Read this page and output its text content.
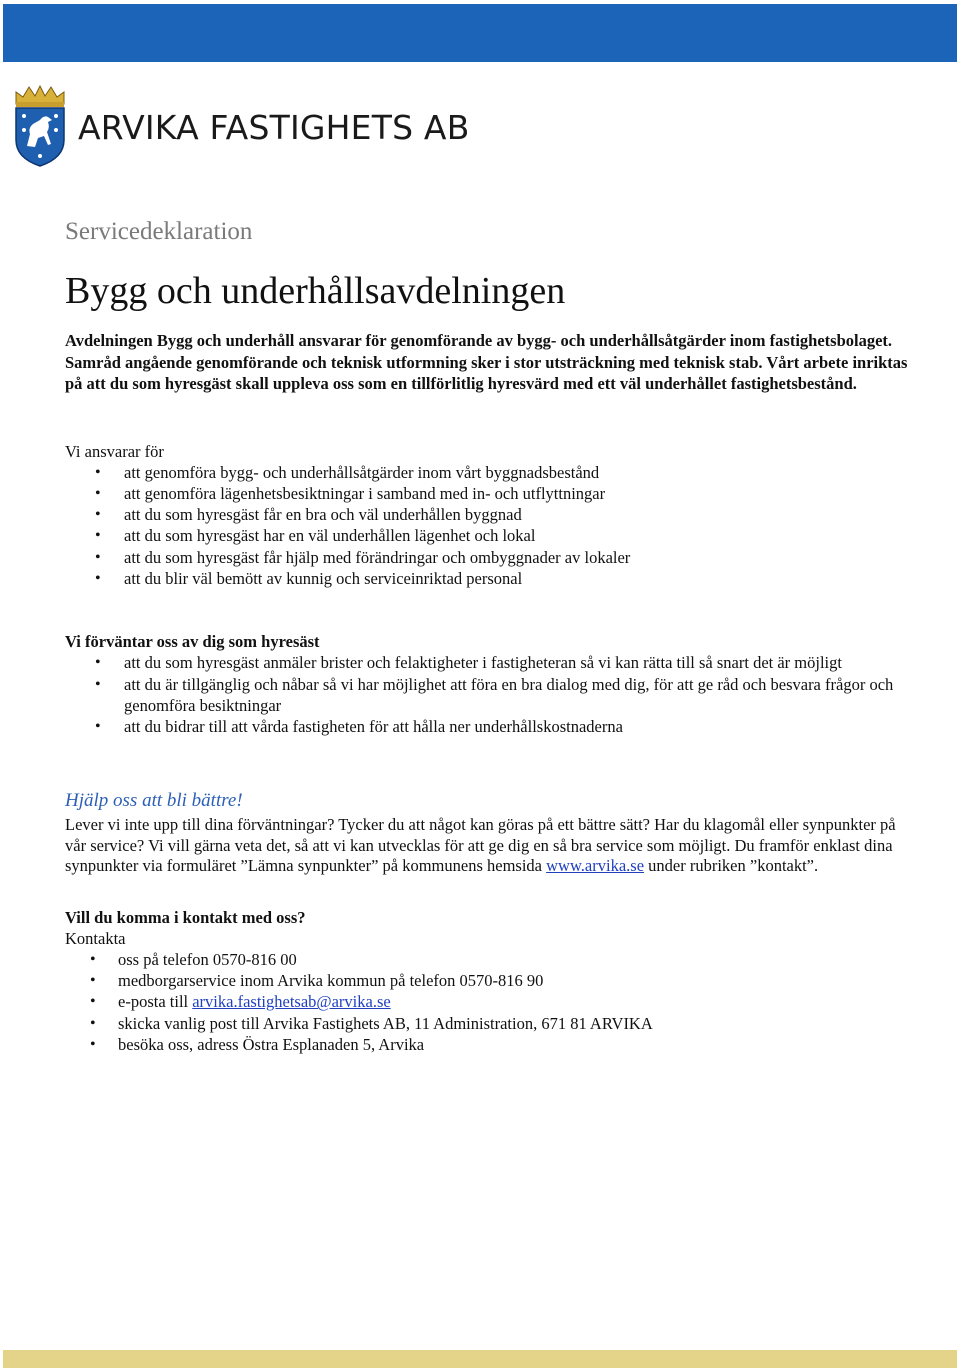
ARVIKA FASTIGHETS AB

Servicedeklaration

Bygg och underhållsavdelningen

Avdelningen Bygg och underhåll ansvarar för genomförande av bygg- och underhållsåtgärder inom fastighetsbolaget. Samråd angående genomförande och teknisk utformning sker i stor utsträckning med teknisk stab. Vårt arbete inriktas på att du som hyresgäst skall uppleva oss som en tillförlitlig hyresvärd med ett väl underhållet fastighetsbestånd.

Vi ansvarar för

• att genomföra bygg- och underhållsåtgärder inom vårt byggnadsbestånd
• att genomföra lägenhetsbesiktningar i samband med in- och utflyttningar
• att du som hyresgäst får en bra och väl underhållen byggnad
• att du som hyresgäst har en väl underhållen lägenhet och lokal
• att du som hyresgäst får hjälp med förändringar och ombyggnader av lokaler
• att du blir väl bemött av kunnig och serviceinriktad personal

Vi förväntar oss av dig som hyresäst

• att du som hyresgäst anmäler brister och felaktigheter i fastigheteran så vi kan rätta till så snart det är möjligt
• att du är tillgänglig och nåbar så vi har möjlighet att föra en bra dialog med dig, för att ge råd och besvara frågor och genomföra besiktningar
• att du bidrar till att vårda fastigheten för att hålla ner underhållskostnaderna

Hjälp oss att bli bättre!

Lever vi inte upp till dina förväntningar? Tycker du att något kan göras på ett bättre sätt? Har du klagomål eller synpunkter på vår service? Vi vill gärna veta det, så att vi kan utvecklas för att ge dig en så bra service som möjligt. Du framför enklast dina synpunkter via formuläret ”Lämna synpunkter” på kommunens hemsida www.arvika.se under rubriken ”kontakt”.

Vill du komma i kontakt med oss?

Kontakta

• oss på telefon 0570-816 00
• medborgarservice inom Arvika kommun på telefon 0570-816 90
• e-posta till arvika.fastighetsab@arvika.se
• skicka vanlig post till Arvika Fastighets AB, 11 Administration, 671 81 ARVIKA
• besöka oss, adress Östra Esplanaden 5, Arvika
